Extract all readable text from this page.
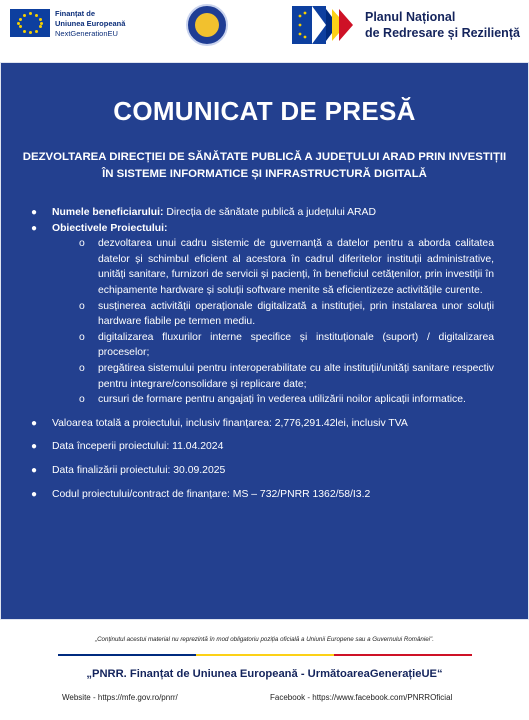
Finanțat de
Uniunea Europeană
NextGenerationEU
Planul Național
de Redresare și Reziliență
COMUNICAT DE PRESĂ
DEZVOLTAREA DIRECȚIEI DE SĂNĂTATE PUBLICĂ A JUDEȚULUI ARAD PRIN INVESTIȚII ÎN SISTEME INFORMATICE ȘI INFRASTRUCTURĂ DIGITALĂ
● Numele beneficiarului: Direcția de sănătate publică a județului ARAD
● Obiectivele Proiectului:
o dezvoltarea unui cadru sistemic de guvernanță a datelor pentru a aborda calitatea datelor și schimbul eficient al acestora în cadrul diferitelor instituții administrative, unități sanitare, furnizori de servicii și pacienți, în beneficiul cetățenilor, prin investiții în echipamente hardware și soluții software menite să eficientizeze activitățile curente.
o susținerea activității operaționale digitalizată a instituției, prin instalarea unor soluții hardware fiabile pe termen mediu.
o digitalizarea fluxurilor interne specifice și instituționale (suport) / digitalizarea proceselor;
o pregătirea sistemului pentru interoperabilitate cu alte instituții/unități sanitare respectiv pentru integrare/consolidare și replicare date;
o cursuri de formare pentru angajați în vederea utilizării noilor aplicații informatice.
● Valoarea totală a proiectului, inclusiv finanțarea: 2,776,291.42lei, inclusiv TVA
● Data începerii proiectului: 11.04.2024
● Data finalizării proiectului: 30.09.2025
● Codul proiectului/contract de finanțare: MS – 732/PNRR 1362/58/I3.2
„Conținutul acestui material nu reprezintă în mod obligatoriu poziția oficială a Uniunii Europene sau a Guvernului României".
„PNRR. Finanțat de Uniunea Europeană - UrmătoareaGenerațieUE“
Website - https://mfe.gov.ro/pnrr/	Facebook - https://www.facebook.com/PNRROficial
